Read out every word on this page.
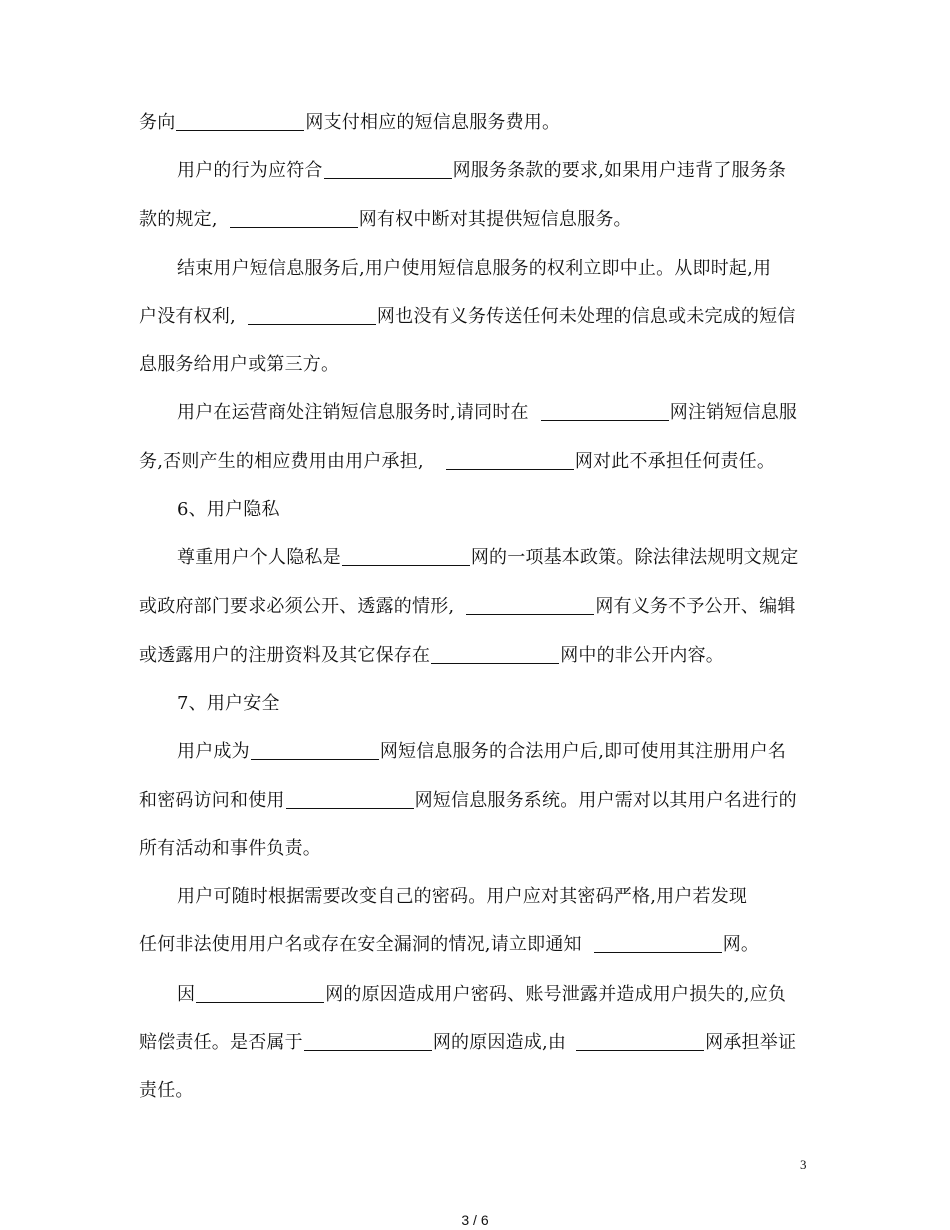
务向	网支付相应的短信息服务费用。
用户的行为应符合	网服务条款的要求,如果用户违背了服务条
款的规定,	网有权中断对其提供短信息服务。
结束用户短信息服务后,用户使用短信息服务的权利立即中止。从即时起,用
户没有权利,	网也没有义务传送任何未处理的信息或未完成的短信
息服务给用户或第三方。
用户在运营商处注销短信息服务时,请同时在	网注销短信息服
务,否则产生的相应费用由用户承担,	网对此不承担任何责任。
6、用户隐私
尊重用户个人隐私是	网的一项基本政策。除法律法规明文规定
或政府部门要求必须公开、透露的情形,	网有义务不予公开、编辑
或透露用户的注册资料及其它保存在	网中的非公开内容。
7、用户安全
用户成为	网短信息服务的合法用户后,即可使用其注册用户名
和密码访问和使用	网短信息服务系统。用户需对以其用户名进行的
所有活动和事件负责。
用户可随时根据需要改变自己的密码。用户应对其密码严格,用户若发现
任何非法使用用户名或存在安全漏洞的情况,请立即通知	网。
因	网的原因造成用户密码、账号泄露并造成用户损失的,应负
赔偿责任。是否属于	网的原因造成,由	网承担举证
责任。
3
3 / 6
